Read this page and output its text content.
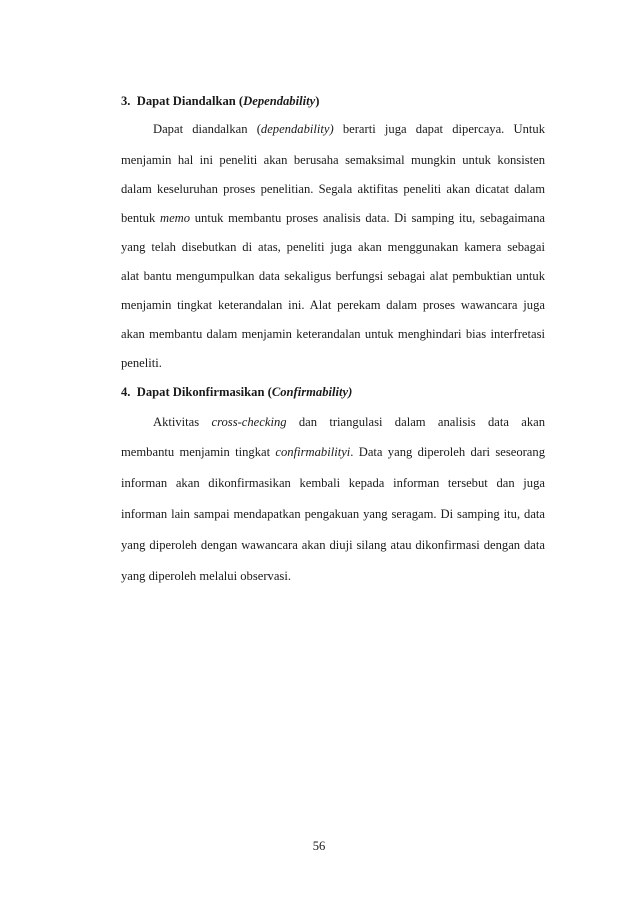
3. Dapat Diandalkan (Dependability)
Dapat diandalkan (dependability) berarti juga dapat dipercaya. Untuk
menjamin hal ini peneliti akan berusaha semaksimal mungkin untuk konsisten
dalam keseluruhan proses penelitian. Segala aktifitas peneliti akan dicatat dalam
bentuk memo untuk membantu proses analisis data. Di samping itu, sebagaimana
yang telah disebutkan di atas, peneliti juga akan menggunakan kamera sebagai
alat bantu mengumpulkan data sekaligus berfungsi sebagai alat pembuktian untuk
menjamin tingkat keterandalan ini. Alat perekam dalam proses wawancara juga
akan membantu dalam menjamin keterandalan untuk menghindari bias interfretasi
peneliti.
4. Dapat Dikonfirmasikan (Confirmability)
Aktivitas cross-checking dan triangulasi dalam analisis data akan
membantu menjamin tingkat confirmabilityi. Data yang diperoleh dari seseorang
informan akan dikonfirmasikan kembali kepada informan tersebut dan juga
informan lain sampai mendapatkan pengakuan yang seragam. Di samping itu, data
yang diperoleh dengan wawancara akan diuji silang atau dikonfirmasi dengan data
yang diperoleh melalui observasi.
56
